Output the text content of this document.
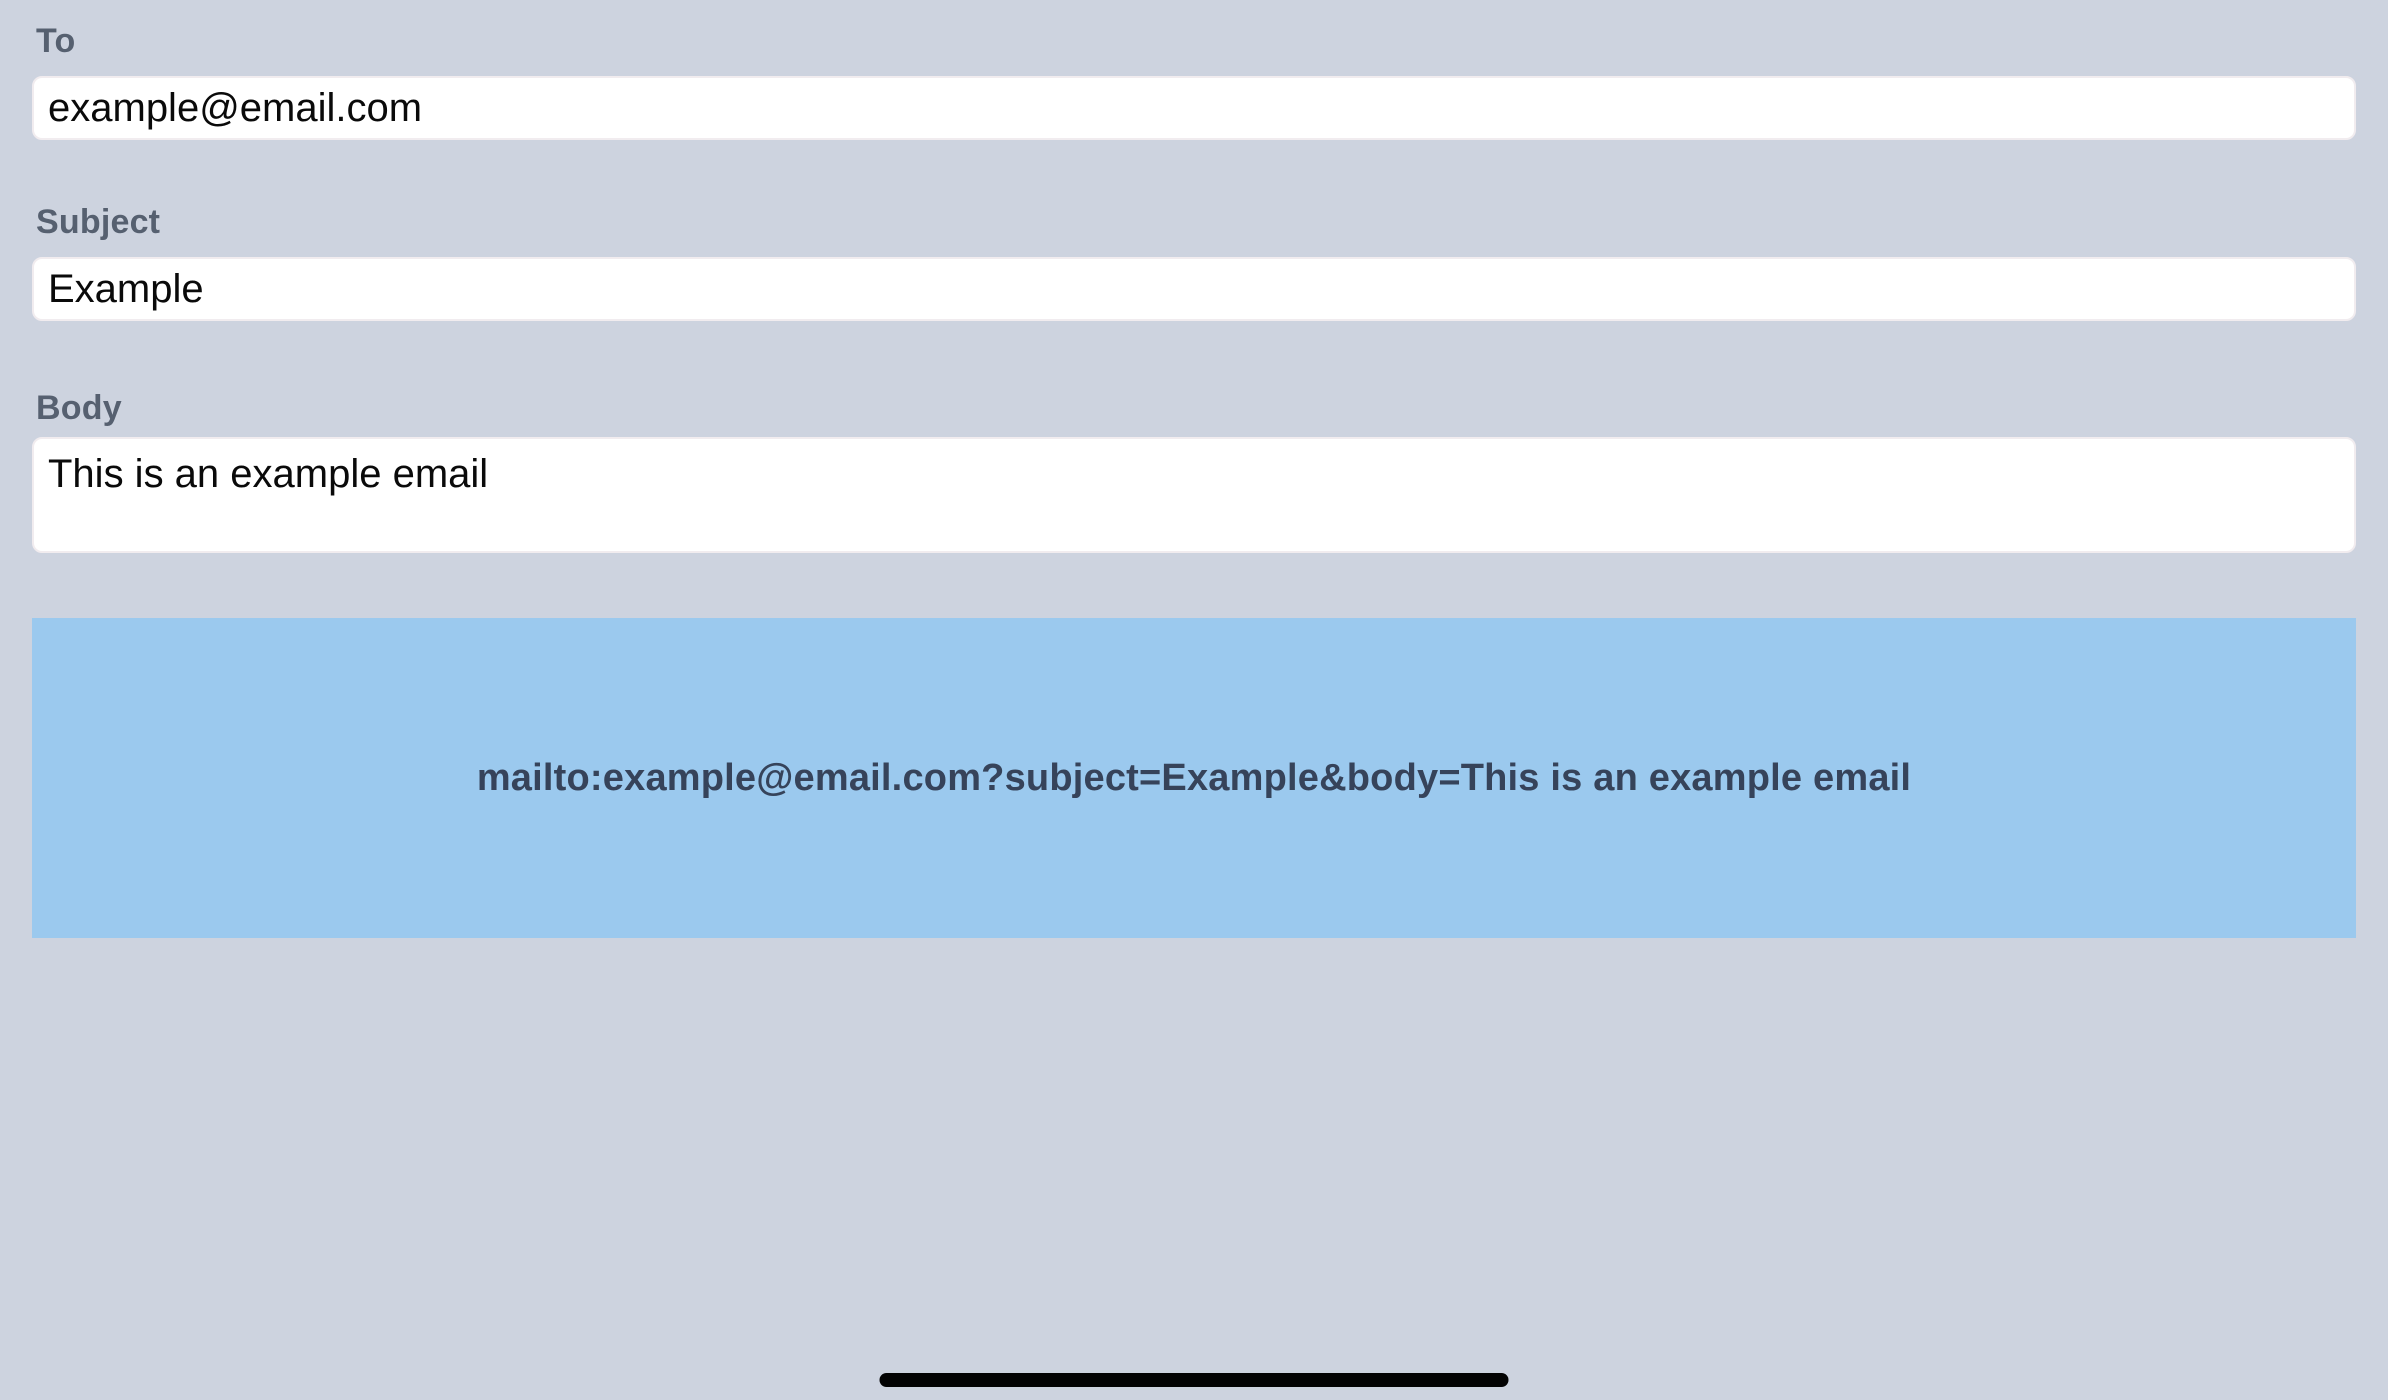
To
example@email.com
Subject
Example
Body
This is an example email
mailto:example@email.com?subject=Example&body=This is an example email
